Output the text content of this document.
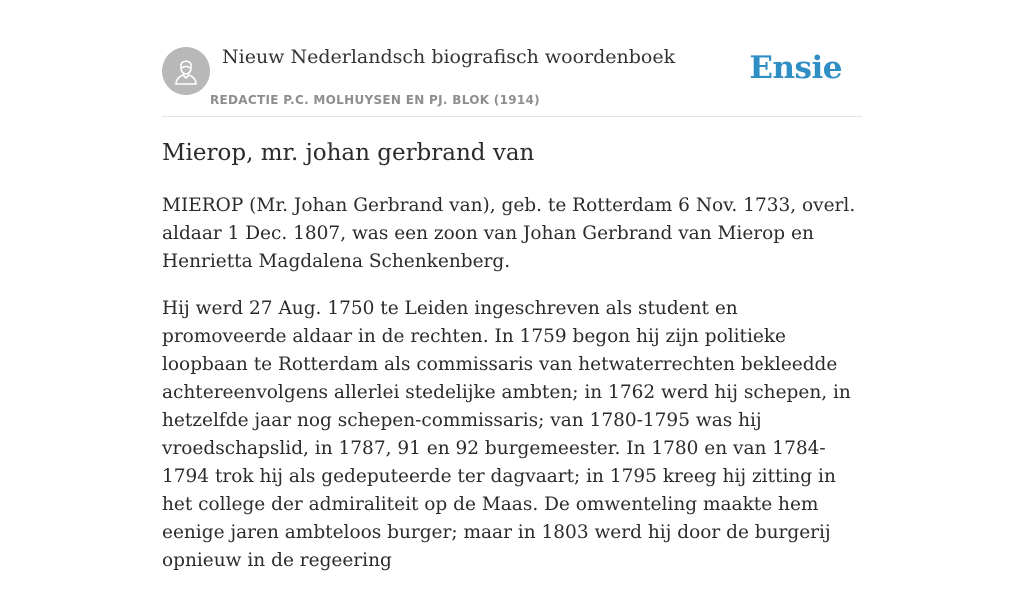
Nieuw Nederlandsch biografisch woordenboek
REDACTIE P.C. MOLHUYSEN EN PJ. BLOK (1914)
Ensie
Mierop, mr. johan gerbrand van

MIEROP (Mr. Johan Gerbrand van), geb. te Rotterdam 6 Nov. 1733, overl. aldaar 1 Dec. 1807, was een zoon van Johan Gerbrand van Mierop en Henrietta Magdalena Schenkenberg.

Hij werd 27 Aug. 1750 te Leiden ingeschreven als student en promoveerde aldaar in de rechten. In 1759 begon hij zijn politieke loopbaan te Rotterdam als commissaris van hetwaterrechten bekleedde achtereenvolgens allerlei stedelijke ambten; in 1762 werd hij schepen, in hetzelfde jaar nog schepen-commissaris; van 1780-1795 was hij vroedschapslid, in 1787, 91 en 92 burgemeester. In 1780 en van 1784-1794 trok hij als gedeputeerde ter dagvaart; in 1795 kreeg hij zitting in het college der admiraliteit op de Maas. De omwenteling maakte hem eenige jaren ambteloos burger; maar in 1803 werd hij door de burgerij opnieuw in de regeering
